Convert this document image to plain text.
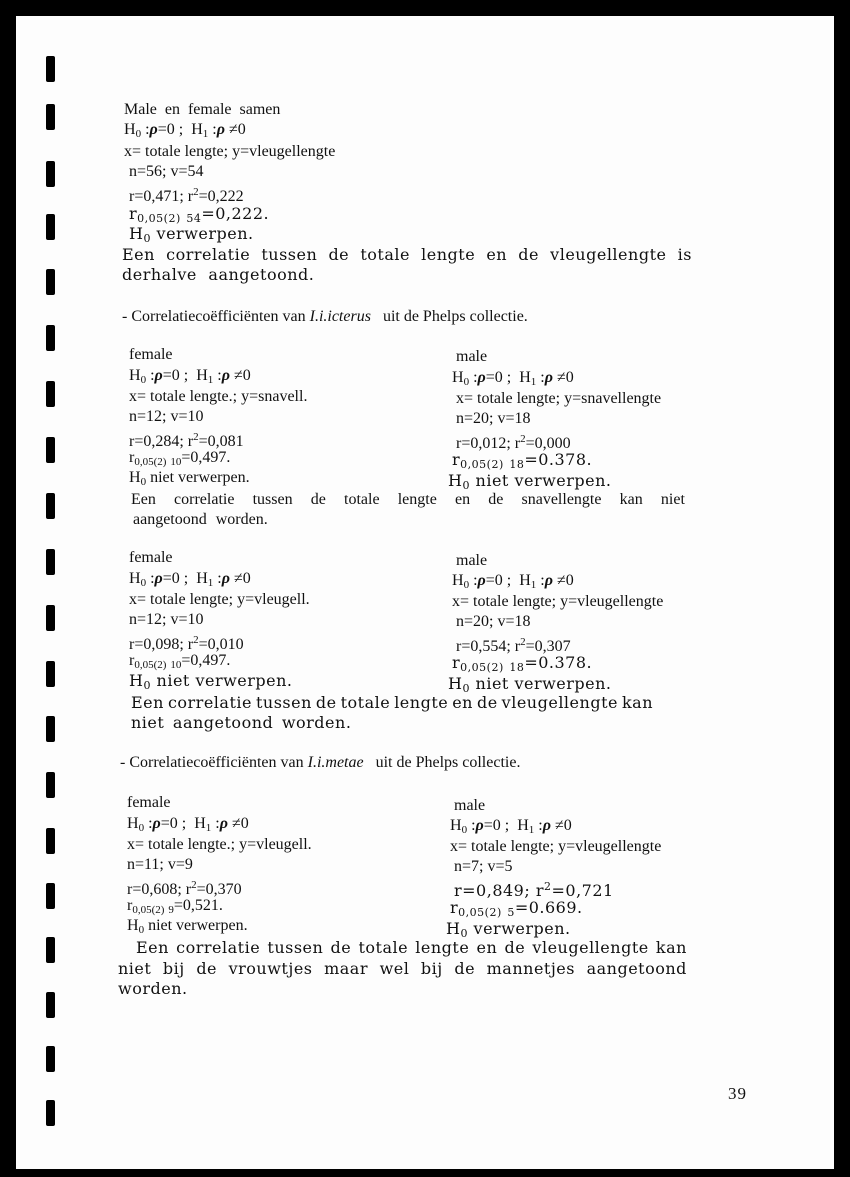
Male en female samen
$H_0$ :ρ=0 ;  $H_1$ :ρ ≠0
x= totale lengte; y=vleugellengte
n=56; v=54
r=0,471; $r^2=0,222$
$r_{0,05(2)}$ $_{54}$=0,222.
$H_0$ verwerpen.
Een correlatie tussen de totale lengte en de vleugellengte is
derhalve aangetoond.
- Correlatiecoëfficiënten van I.i.icterus uit de Phelps collectie.
female
$H_0$ :ρ=0 ;  $H_1$ :ρ ≠0
x= totale lengte.; y=snavell.
n=12; v=10
r=0,284; $r^2=0,081$
$r_{0,05(2)}$ $_{10}$=0,497.
$H_0$ niet verwerpen.
male
$H_0$ :ρ=0 ;  $H_1$ :ρ ≠0
x= totale lengte; y=snavellengte
n=20; v=18
r=0,012; $r^2=0,000$
$r_{0,05(2)}$ $_{18}$=0.378.
$H_0$ niet verwerpen.
Een correlatie tussen de totale lengte en de snavellengte kan niet
aangetoond worden.
female
$H_0$ :ρ=0 ;  $H_1$ :ρ ≠0
x= totale lengte; y=vleugell.
n=12; v=10
r=0,098; $r^2=0,010$
$r_{0,05(2)}$ $_{10}$=0,497.
$H_0$ niet verwerpen.
male
$H_0$ :ρ=0 ;  $H_1$ :ρ ≠0
x= totale lengte; y=vleugellengte
n=20; v=18
r=0,554; $r^2=0,307$
$r_{0,05(2)}$ $_{18}$=0.378.
$H_0$ niet verwerpen.
Een correlatie tussen de totale lengte en de vleugellengte kan
niet aangetoond worden.
- Correlatiecoëfficiënten van I.i.metae uit de Phelps collectie.
female
$H_0$ :ρ=0 ;  $H_1$ :ρ ≠0
x= totale lengte.; y=vleugell.
n=11; v=9
r=0,608; $r^2=0,370$
$r_{0,05(2)}$ $_9$=0,521.
$H_0$ niet verwerpen.
male
$H_0$ :ρ=0 ;  $H_1$ :ρ ≠0
x= totale lengte; y=vleugellengte
n=7; v=5
r=0,849; $r^2=0,721$
$r_{0,05(2)}$ $_5$=0.669.
$H_0$ verwerpen.
Een correlatie tussen de totale lengte en de vleugellengte kan
niet bij de vrouwtjes maar wel bij de mannetjes aangetoond
worden.
39
